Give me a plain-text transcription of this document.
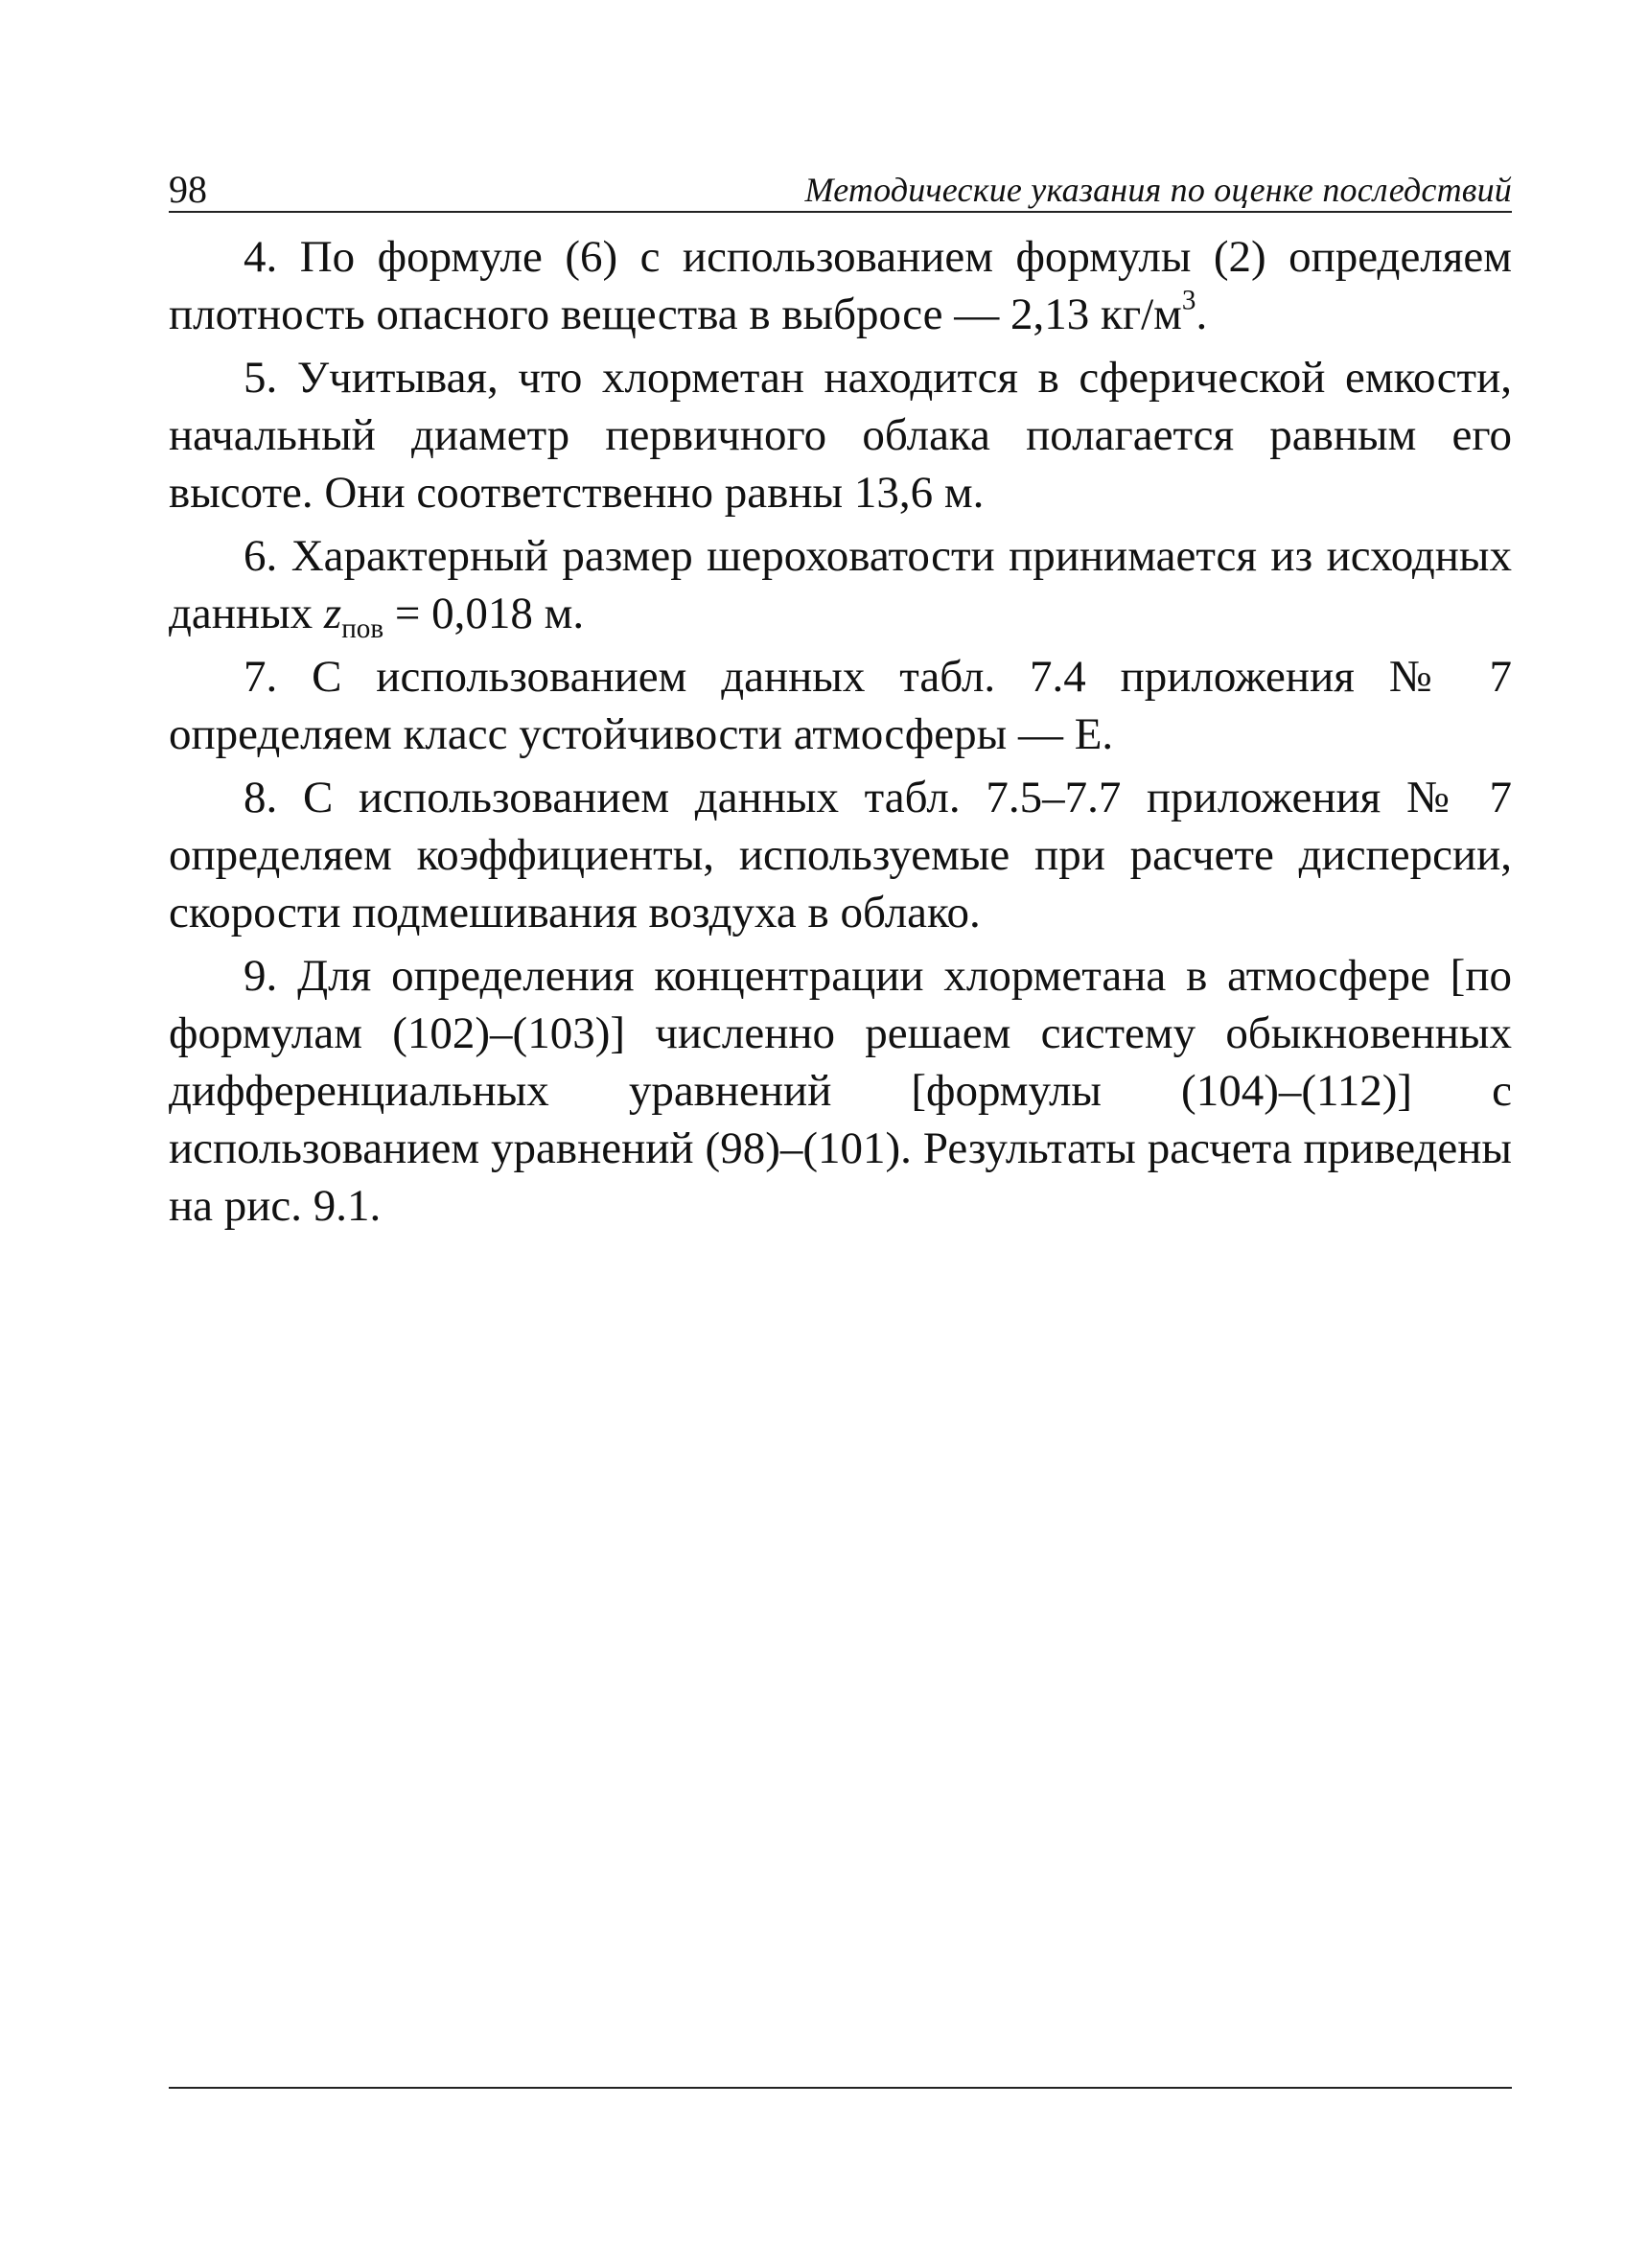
98	Методические указания по оценке последствий

4. По формуле (6) с использованием формулы (2) определяем плотность опасного вещества в выбросе — 2,13 $кг/м^3$.

5. Учитывая, что хлорметан находится в сферической емкости, начальный диаметр первичного облака полагается равным его высоте. Они соответственно равны 13,6 м.

6. Характерный размер шероховатости принимается из исходных данных $z_{пов} = 0,018$ м.

7. С использованием данных табл. 7.4 приложения № 7 определяем класс устойчивости атмосферы — Е.

8. С использованием данных табл. 7.5–7.7 приложения № 7 определяем коэффициенты, используемые при расчете дисперсии, скорости подмешивания воздуха в облако.

9. Для определения концентрации хлорметана в атмосфере [по формулам (102)–(103)] численно решаем систему обыкновенных дифференциальных уравнений [формулы (104)–(112)] с использованием уравнений (98)–(101). Результаты расчета приведены на рис. 9.1.
